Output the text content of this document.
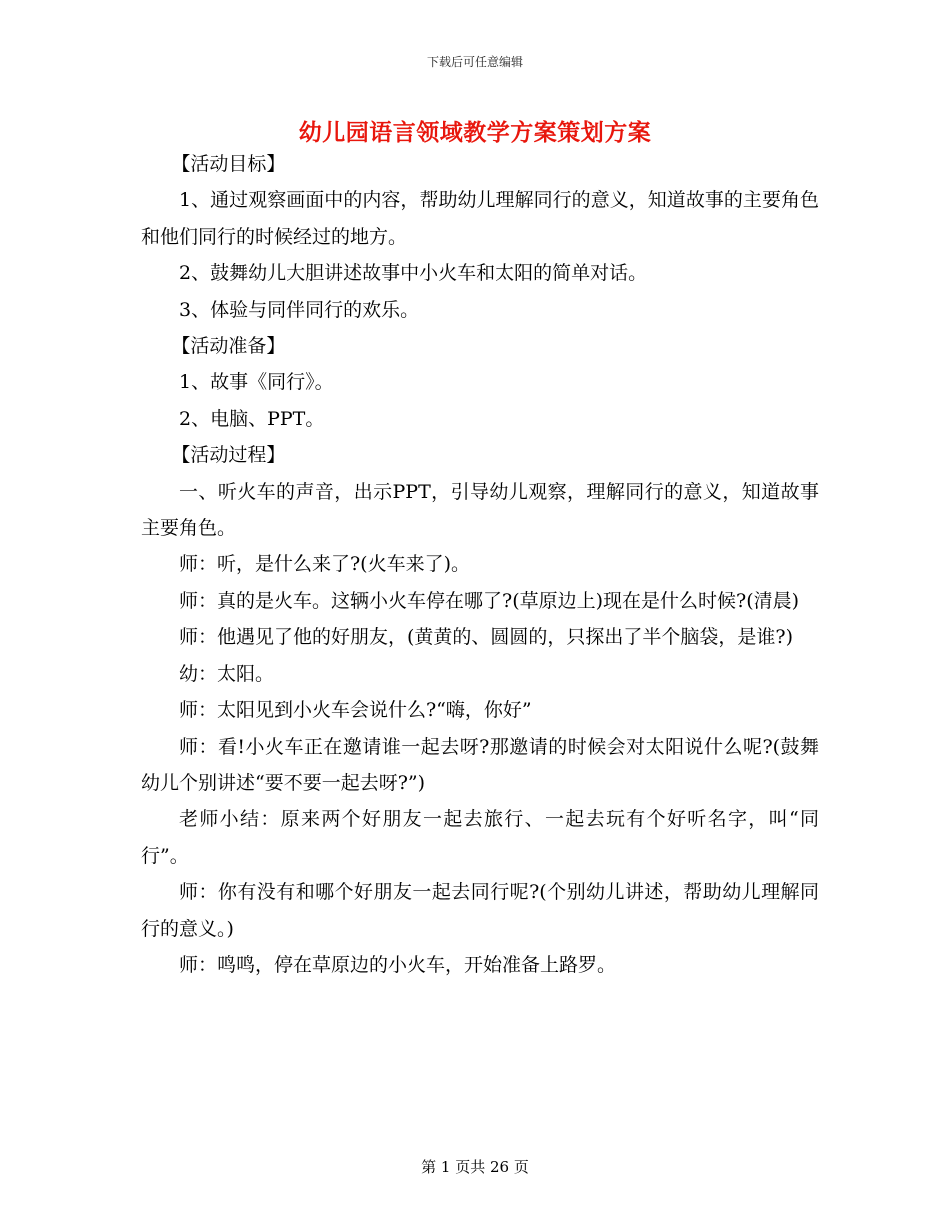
下载后可任意编辑
幼儿园语言领域教学方案策划方案

【活动目标】

1、通过观察画面中的内容，帮助幼儿理解同行的意义，知道故事的主要角色和他们同行的时候经过的地方。

2、鼓舞幼儿大胆讲述故事中小火车和太阳的简单对话。

3、体验与同伴同行的欢乐。

【活动准备】

1、故事《同行》。

2、电脑、PPT。

【活动过程】

一、听火车的声音，出示PPT，引导幼儿观察，理解同行的意义，知道故事主要角色。

师：听，是什么来了?(火车来了)。

师：真的是火车。这辆小火车停在哪了?(草原边上)现在是什么时候?(清晨)

师：他遇见了他的好朋友，(黄黄的、圆圆的，只探出了半个脑袋，是谁?)

幼：太阳。

师：太阳见到小火车会说什么?“嗨，你好”

师：看!小火车正在邀请谁一起去呀?那邀请的时候会对太阳说什么呢?(鼓舞幼儿个别讲述“要不要一起去呀?”)

老师小结：原来两个好朋友一起去旅行、一起去玩有个好听名字，叫“同行”。

师：你有没有和哪个好朋友一起去同行呢?(个别幼儿讲述，帮助幼儿理解同行的意义。)

师：鸣鸣，停在草原边的小火车，开始准备上路罗。

第 1 页共 26 页
